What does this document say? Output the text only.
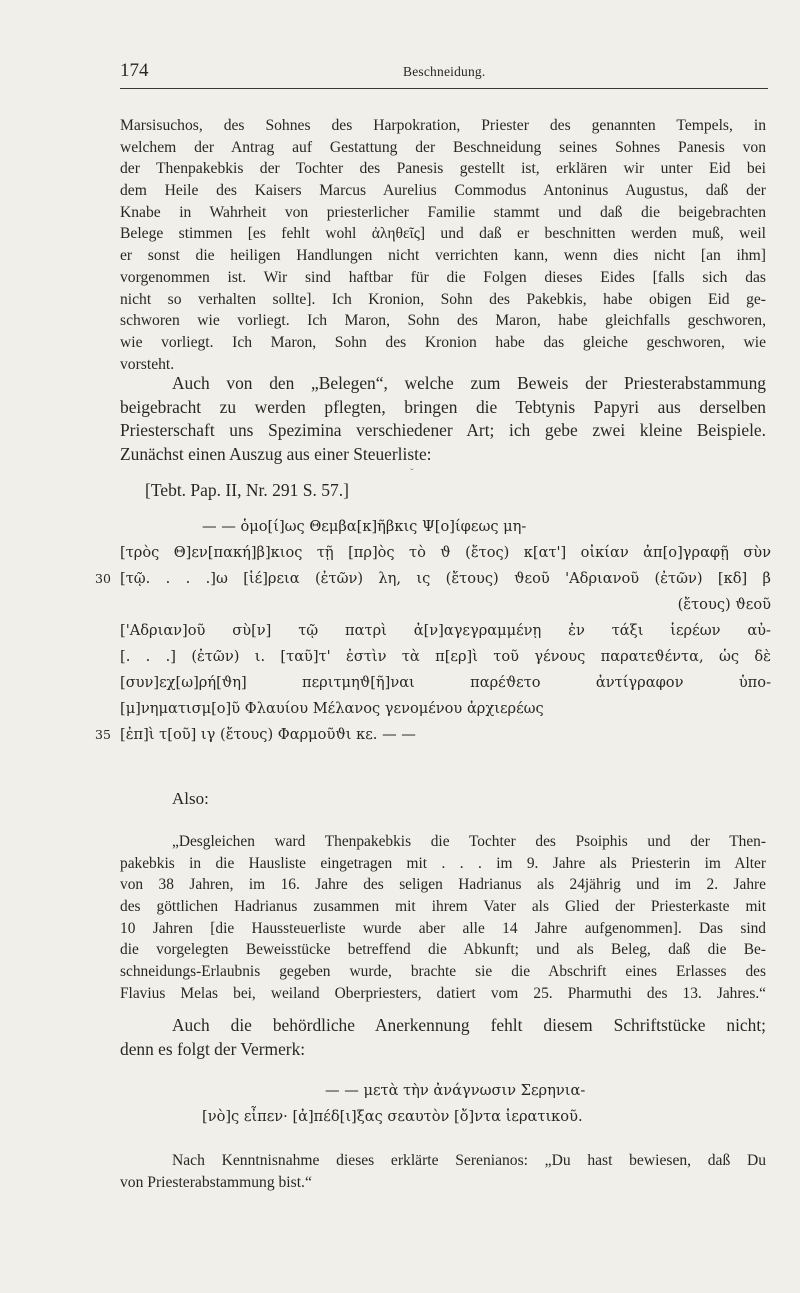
174	Beschneidung.
Marsisuchos, des Sohnes des Harpokration, Priester des genannten Tempels, in
welchem der Antrag auf Gestattung der Beschneidung seines Sohnes Panesis von
der Thenpakebkis der Tochter des Panesis gestellt ist, erklären wir unter Eid bei
dem Heile des Kaisers Marcus Aurelius Commodus Antoninus Augustus, daß der
Knabe in Wahrheit von priesterlicher Familie stammt und daß die beigebrachten
Belege stimmen [es fehlt wohl ἀληθεῖς] und daß er beschnitten werden muß, weil
er sonst die heiligen Handlungen nicht verrichten kann, wenn dies nicht [an ihm]
vorgenommen ist. Wir sind haftbar für die Folgen dieses Eides [falls sich das
nicht so verhalten sollte]. Ich Kronion, Sohn des Pakebkis, habe obigen Eid ge-
schworen wie vorliegt. Ich Maron, Sohn des Maron, habe gleichfalls geschworen,
wie vorliegt. Ich Maron, Sohn des Kronion habe das gleiche geschworen, wie
vorsteht.
Auch von den „Belegen“, welche zum Beweis der Priesterabstammung
beigebracht zu werden pflegten, bringen die Tebtynis Papyri aus derselben
Priesterschaft uns Spezimina verschiedener Art; ich gebe zwei kleine Beispiele.
Zunächst einen Auszug aus einer Steuerliste:
ˇ
[Tebt. Pap. II, Nr. 291 S. 57.]
— — ὁμο[ί]ως Θεμβα[κ]ῆβκις Ψ[ο]ίφεως μη-
[τρὸς Θ]εν[πακή]β]κιος τῇ [πρ]ὸς τὸ ϑ (ἔτος) κ[ατ'] οἰκίαν ἀπ[ο]γραφῇ σὺν
30 [τῷ. . . .]ω [ἱέ]ρεια (ἐτῶν) λη, ις (ἔτους) ϑεοῦ 'Αδριανοῦ (ἐτῶν) [κδ] β
(ἔτους) ϑεοῦ
['Αδριαν]οῦ σὺ[ν] τῷ πατρὶ ἀ[ν]αγεγραμμένῃ ἐν τάξι ἱερέων αὐ-
[. . .] (ἐτῶν) ι. [ταῦ]τ' ἐστὶν τὰ π[ερ]ὶ τοῦ γένους παρατεϑέντα, ὡς δὲ
[συν]εχ[ω]ρή[ϑη] περιτμηϑ[ῆ]ναι παρέϑετο ἀντίγραφον ὑπο-
[μ]νηματισμ[ο]ῦ Φλαυίου Μέλανος γενομένου ἀρχιερέως
35 [ἐπ]ὶ τ[οῦ] ιγ (ἔτους) Φαρμοῦϑι κε. — —
Also:
„Desgleichen ward Thenpakebkis die Tochter des Psoiphis und der Then-
pakebkis in die Hausliste eingetragen mit . . . im 9. Jahre als Priesterin im Alter
von 38 Jahren, im 16. Jahre des seligen Hadrianus als 24jährig und im 2. Jahre
des göttlichen Hadrianus zusammen mit ihrem Vater als Glied der Priesterkaste mit
10 Jahren [die Haussteuerliste wurde aber alle 14 Jahre aufgenommen]. Das sind
die vorgelegten Beweisstücke betreffend die Abkunft; und als Beleg, daß die Be-
schneidungs-Erlaubnis gegeben wurde, brachte sie die Abschrift eines Erlasses des
Flavius Melas bei, weiland Oberpriesters, datiert vom 25. Pharmuthi des 13. Jahres.“
Auch die behördliche Anerkennung fehlt diesem Schriftstücke nicht;
denn es folgt der Vermerk:
— — μετὰ τὴν ἀνάγνωσιν Σερηνια-
[νὸ]ς εἶπεν· [ἀ]πέδ[ι]ξας σεαυτὸν [ὄ]ντα ἱερατικοῦ.
Nach Kenntnisnahme dieses erklärte Serenianos: „Du hast bewiesen, daß Du
von Priesterabstammung bist.“
